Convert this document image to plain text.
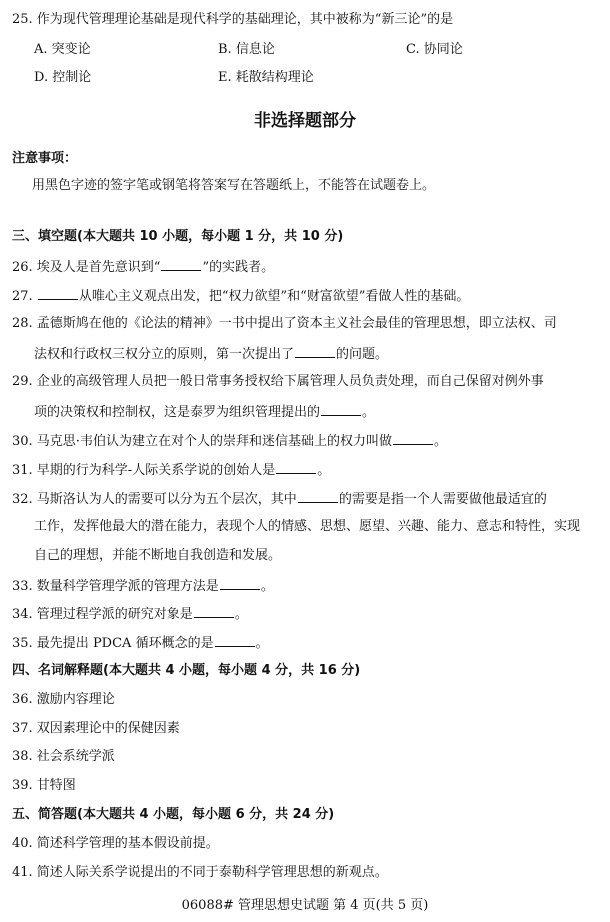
25. 作为现代管理理论基础是现代科学的基础理论，其中被称为“新三论”的是
A. 突变论	B. 信息论	C. 协同论
D. 控制论	E. 耗散结构理论
非选择题部分
注意事项：
用黑色字迹的签字笔或钢笔将答案写在答题纸上，不能答在试题卷上。
三、填空题(本大题共 10 小题，每小题 1 分，共 10 分)
26. 埃及人是首先意识到“	”的实践者。
27.	从唯心主义观点出发，把“权力欲望”和“财富欲望”看做人性的基础。
28. 孟德斯鸠在他的《论法的精神》一书中提出了资本主义社会最佳的管理思想，即立法权、司
法权和行政权三权分立的原则，第一次提出了	的问题。
29. 企业的高级管理人员把一般日常事务授权给下属管理人员负责处理，而自己保留对例外事
项的决策权和控制权，这是泰罗为组织管理提出的	。
30. 马克思·韦伯认为建立在对个人的崇拜和迷信基础上的权力叫做	。
31. 早期的行为科学-人际关系学说的创始人是	。
32. 马斯洛认为人的需要可以分为五个层次，其中	的需要是指一个人需要做他最适宜的
工作，发挥他最大的潜在能力，表现个人的情感、思想、愿望、兴趣、能力、意志和特性，实现
自己的理想，并能不断地自我创造和发展。
33. 数量科学管理学派的管理方法是	。
34. 管理过程学派的研究对象是	。
35. 最先提出 PDCA 循环概念的是	。
四、名词解释题(本大题共 4 小题，每小题 4 分，共 16 分)
36. 激励内容理论
37. 双因素理论中的保健因素
38. 社会系统学派
39. 甘特图
五、简答题(本大题共 4 小题，每小题 6 分，共 24 分)
40. 简述科学管理的基本假设前提。
41. 简述人际关系学说提出的不同于泰勒科学管理思想的新观点。
06088# 管理思想史试题 第 4 页(共 5 页)
